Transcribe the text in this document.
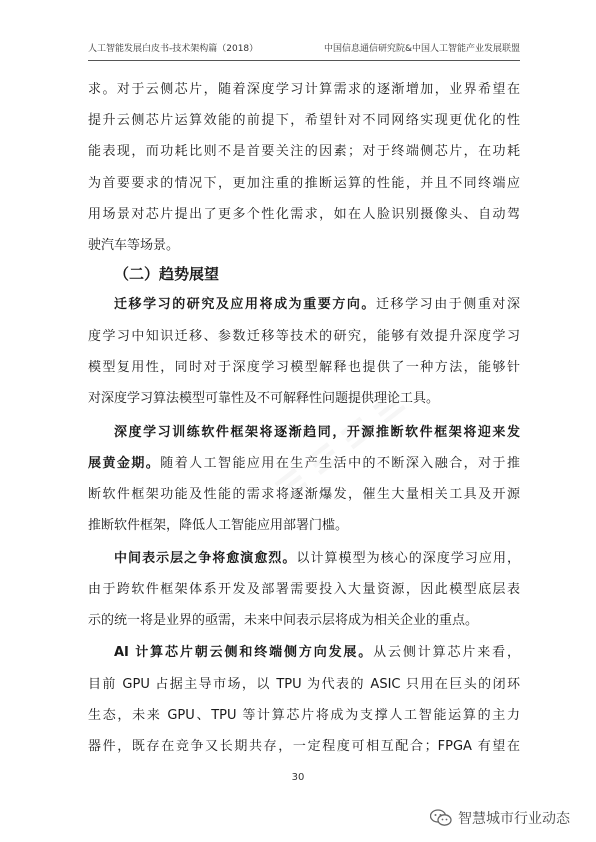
人工智能发展白皮书-技术架构篇（2018）	中国信息通信研究院&中国人工智能产业发展联盟
求。对于云侧芯片，随着深度学习计算需求的逐渐增加，业界希望在
提升云侧芯片运算效能的前提下，希望针对不同网络实现更优化的性
能表现，而功耗比则不是首要关注的因素；对于终端侧芯片，在功耗
为首要要求的情况下，更加注重的推断运算的性能，并且不同终端应
用场景对芯片提出了更多个性化需求，如在人脸识别摄像头、自动驾
驶汽车等场景。
（二）趋势展望
迁移学习的研究及应用将成为重要方向。迁移学习由于侧重对深
度学习中知识迁移、参数迁移等技术的研究，能够有效提升深度学习
模型复用性，同时对于深度学习模型解释也提供了一种方法，能够针
对深度学习算法模型可靠性及不可解释性问题提供理论工具。
深度学习训练软件框架将逐渐趋同，开源推断软件框架将迎来发
展黄金期。随着人工智能应用在生产生活中的不断深入融合，对于推
断软件框架功能及性能的需求将逐渐爆发，催生大量相关工具及开源
推断软件框架，降低人工智能应用部署门槛。
中间表示层之争将愈演愈烈。以计算模型为核心的深度学习应用，
由于跨软件框架体系开发及部署需要投入大量资源，因此模型底层表
示的统一将是业界的亟需，未来中间表示层将成为相关企业的重点。
AI 计算芯片朝云侧和终端侧方向发展。从云侧计算芯片来看，
目前 GPU 占据主导市场，以 TPU 为代表的 ASIC 只用在巨头的闭环
生态，未来 GPU、TPU 等计算芯片将成为支撑人工智能运算的主力
器件，既存在竞争又长期共存，一定程度可相互配合；FPGA 有望在
30
智慧城市行业动态
